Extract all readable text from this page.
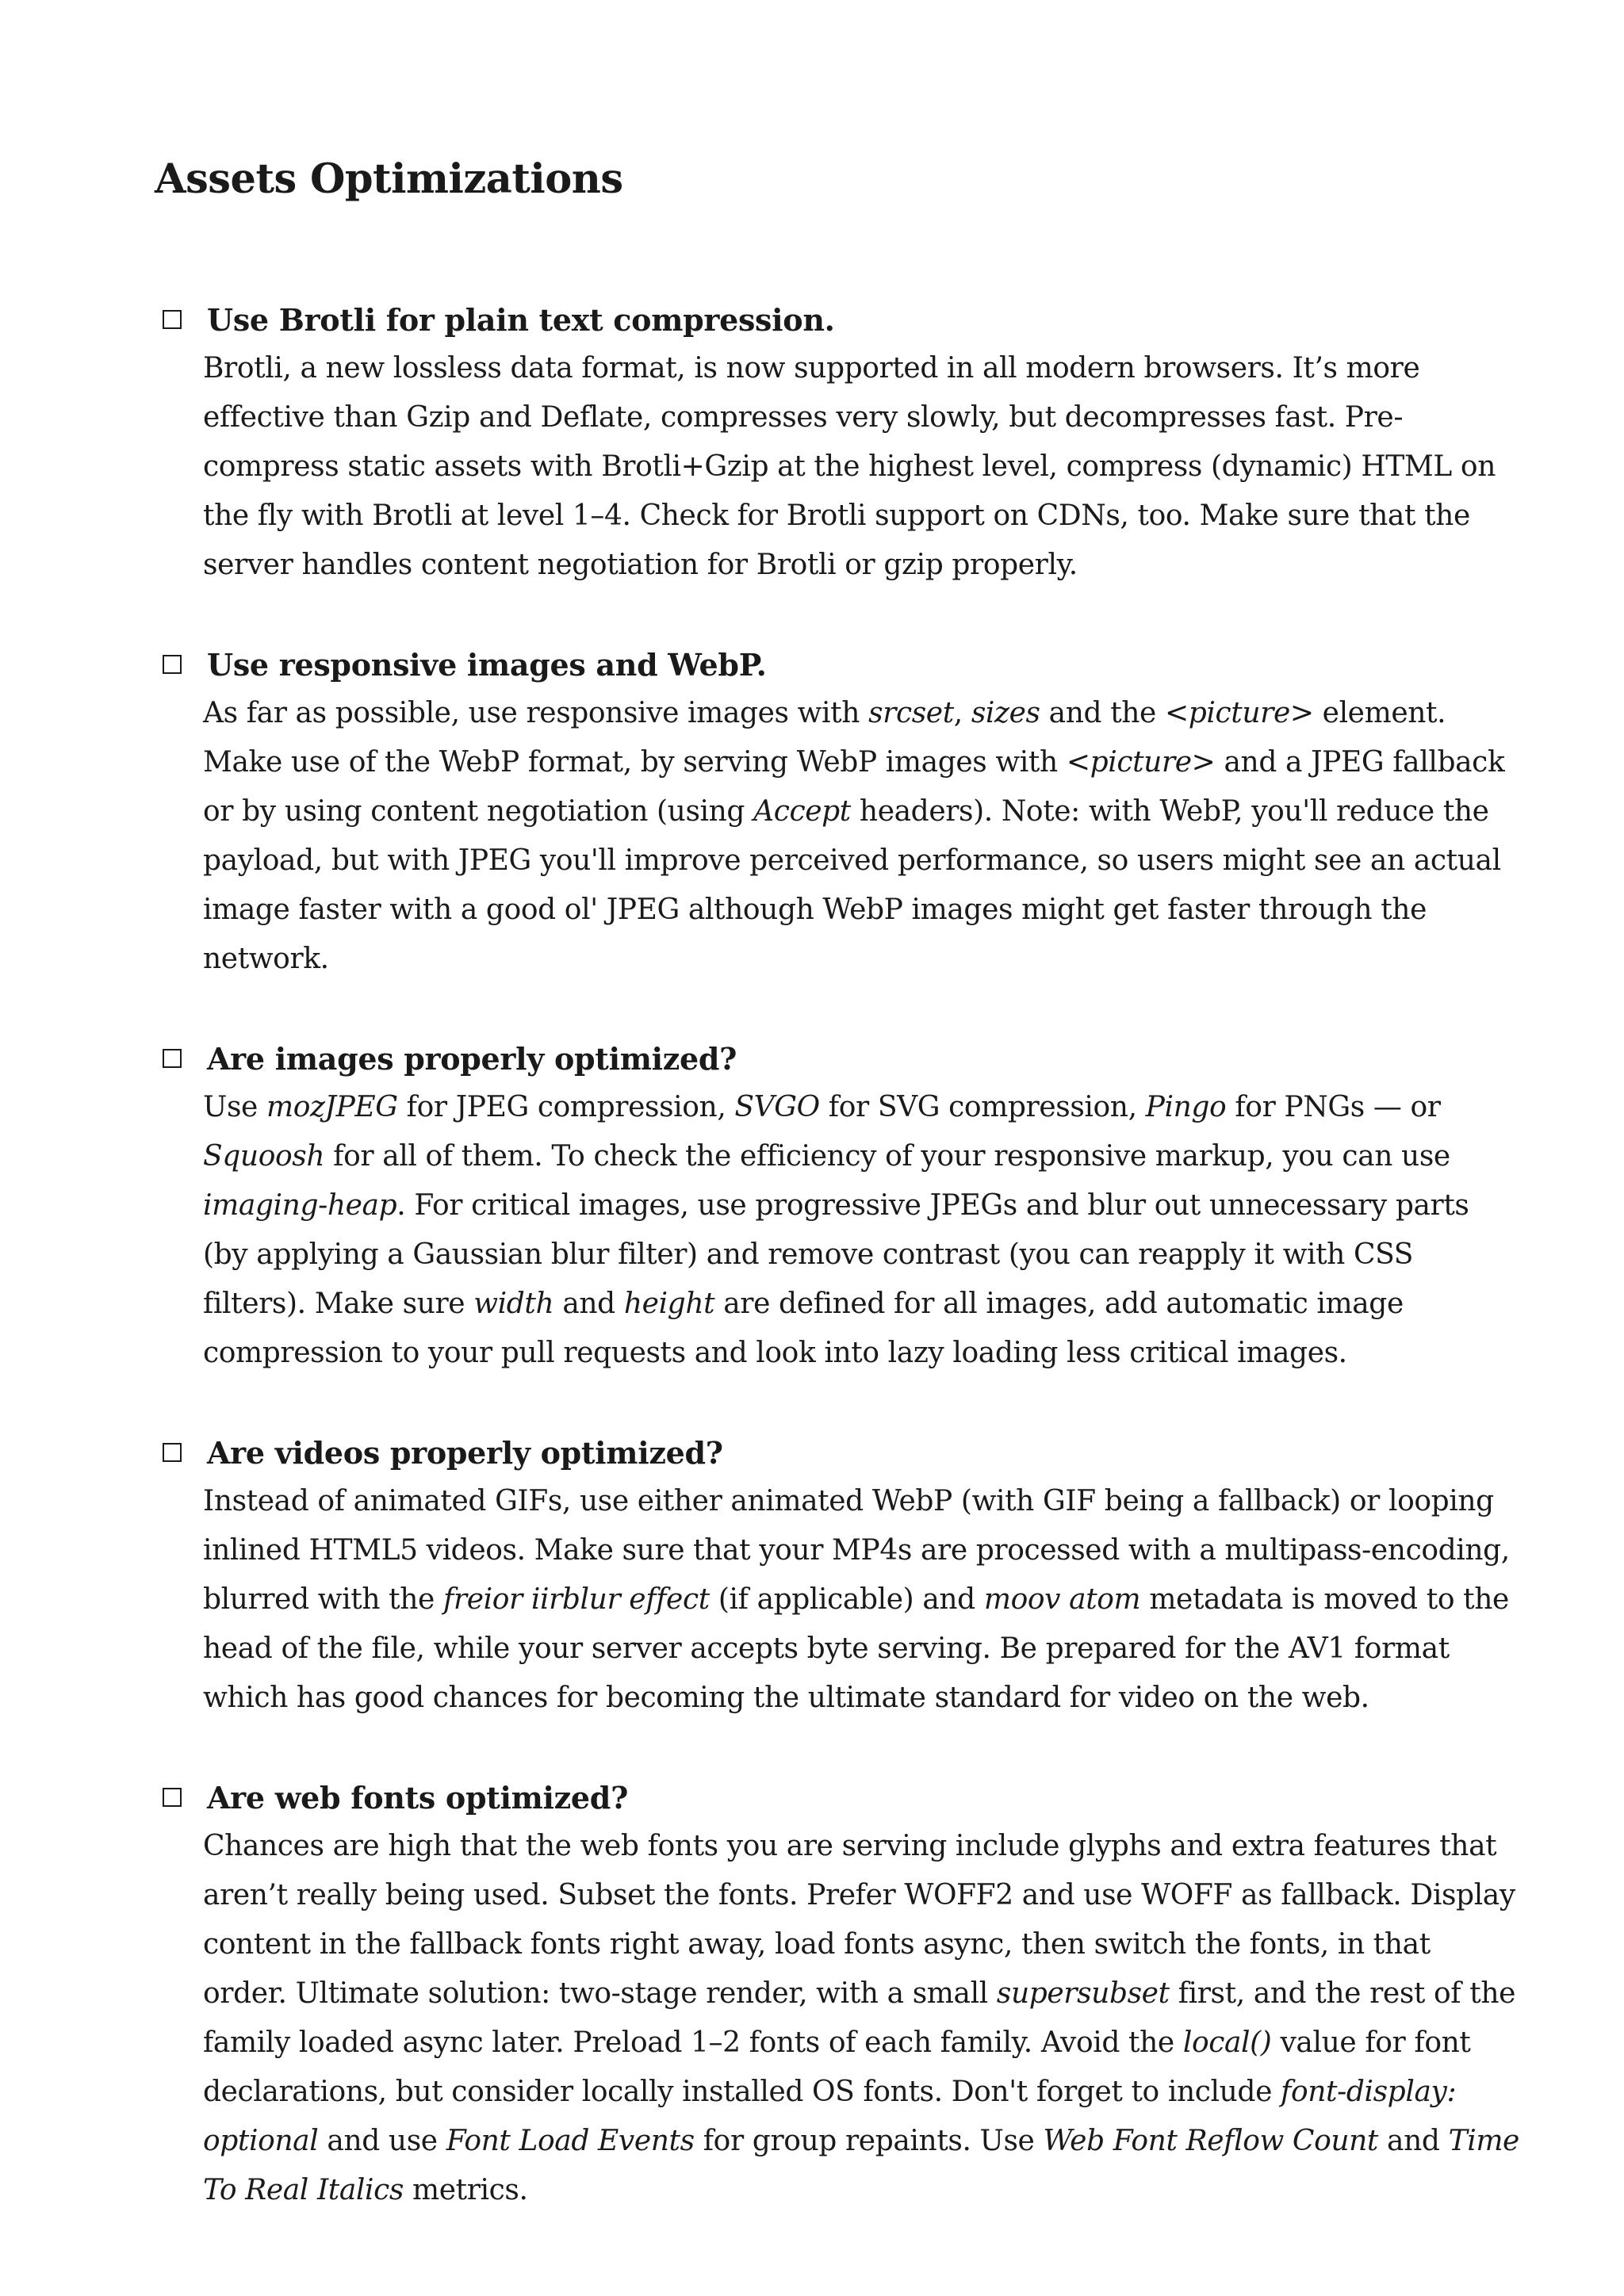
Assets Optimizations
Use Brotli for plain text compression.
Brotli, a new lossless data format, is now supported in all modern browsers. It’s more effective than Gzip and Deflate, compresses very slowly, but decompresses fast. Pre-compress static assets with Brotli+Gzip at the highest level, compress (dynamic) HTML on the fly with Brotli at level 1–4. Check for Brotli support on CDNs, too. Make sure that the server handles content negotiation for Brotli or gzip properly.
Use responsive images and WebP.
As far as possible, use responsive images with srcset, sizes and the <picture> element. Make use of the WebP format, by serving WebP images with <picture> and a JPEG fallback or by using content negotiation (using Accept headers). Note: with WebP, you'll reduce the payload, but with JPEG you'll improve perceived performance, so users might see an actual image faster with a good ol' JPEG although WebP images might get faster through the network.
Are images properly optimized?
Use mozJPEG for JPEG compression, SVGO for SVG compression, Pingo for PNGs — or Squoosh for all of them. To check the efficiency of your responsive markup, you can use imaging-heap. For critical images, use progressive JPEGs and blur out unnecessary parts (by applying a Gaussian blur filter) and remove contrast (you can reapply it with CSS filters). Make sure width and height are defined for all images, add automatic image compression to your pull requests and look into lazy loading less critical images.
Are videos properly optimized?
Instead of animated GIFs, use either animated WebP (with GIF being a fallback) or looping inlined HTML5 videos. Make sure that your MP4s are processed with a multipass-encoding, blurred with the freior iirblur effect (if applicable) and moov atom metadata is moved to the head of the file, while your server accepts byte serving. Be prepared for the AV1 format which has good chances for becoming the ultimate standard for video on the web.
Are web fonts optimized?
Chances are high that the web fonts you are serving include glyphs and extra features that aren’t really being used. Subset the fonts. Prefer WOFF2 and use WOFF as fallback. Display content in the fallback fonts right away, load fonts async, then switch the fonts, in that order. Ultimate solution: two-stage render, with a small supersubset first, and the rest of the family loaded async later. Preload 1–2 fonts of each family. Avoid the local() value for font declarations, but consider locally installed OS fonts. Don't forget to include font-display: optional and use Font Load Events for group repaints. Use Web Font Reflow Count and Time To Real Italics metrics.
